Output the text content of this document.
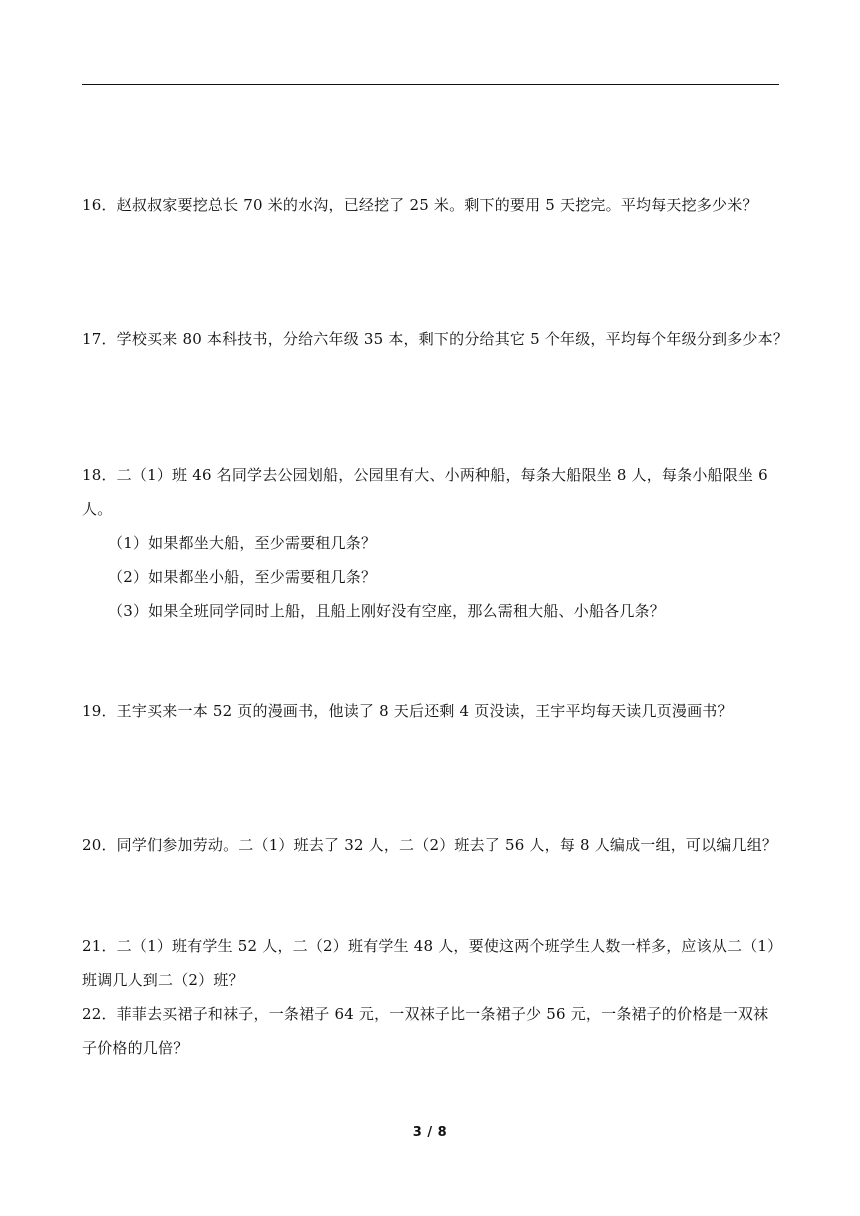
16．赵叔叔家要挖总长 70 米的水沟，已经挖了 25 米。剩下的要用 5 天挖完。平均每天挖多少米？
17．学校买来 80 本科技书，分给六年级 35 本，剩下的分给其它 5 个年级，平均每个年级分到多少本？
18．二（1）班 46 名同学去公园划船，公园里有大、小两种船，每条大船限坐 8 人，每条小船限坐 6
人。
（1）如果都坐大船，至少需要租几条？
（2）如果都坐小船，至少需要租几条？
（3）如果全班同学同时上船，且船上刚好没有空座，那么需租大船、小船各几条？
19．王宇买来一本 52 页的漫画书，他读了 8 天后还剩 4 页没读，王宇平均每天读几页漫画书？
20．同学们参加劳动。二（1）班去了 32 人，二（2）班去了 56 人，每 8 人编成一组，可以编几组？
21．二（1）班有学生 52 人，二（2）班有学生 48 人，要使这两个班学生人数一样多，应该从二（1）
班调几人到二（2）班？
22．菲菲去买裙子和袜子，一条裙子 64 元，一双袜子比一条裙子少 56 元，一条裙子的价格是一双袜
子价格的几倍？
3 / 8
